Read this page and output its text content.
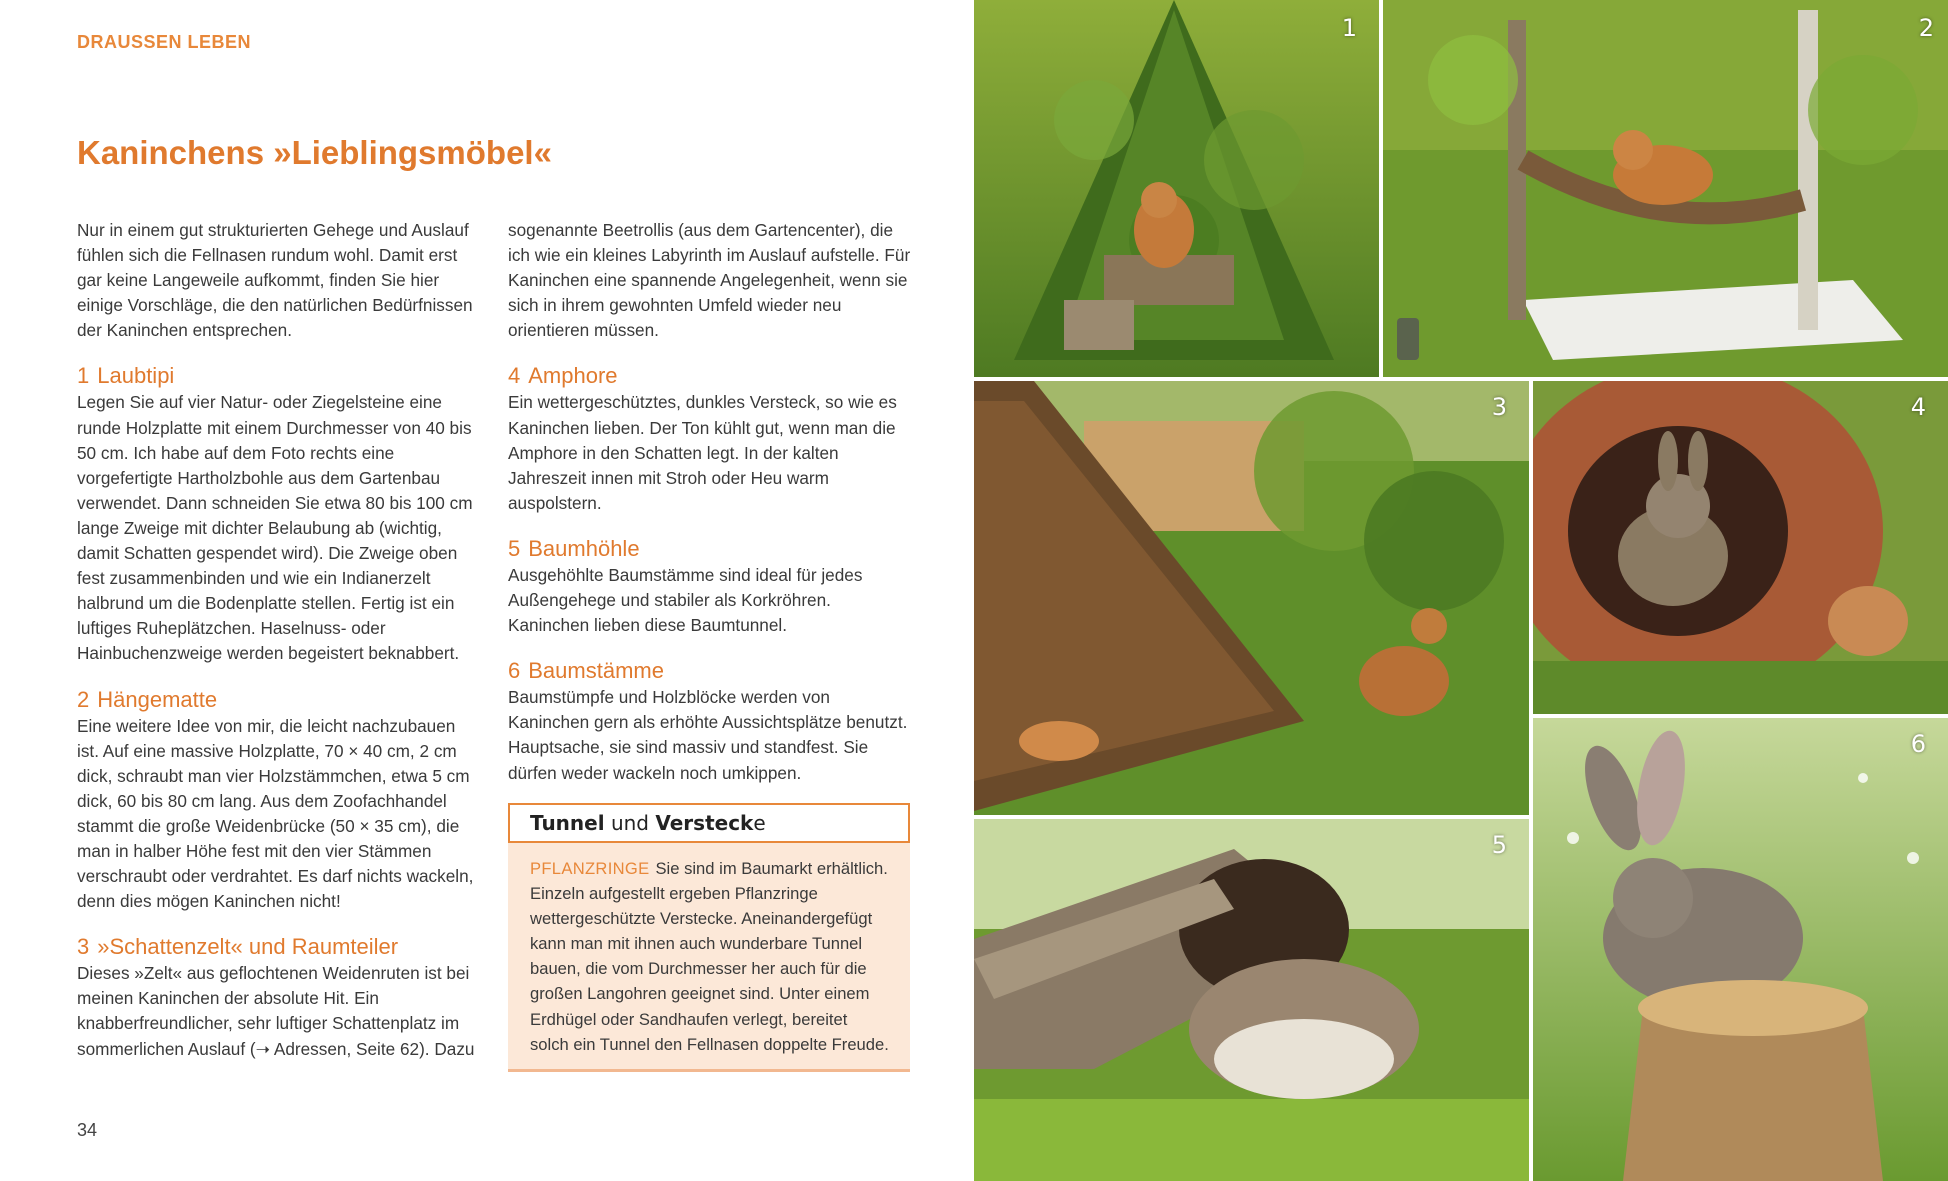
DRAUSSEN LEBEN
Kaninchens »Lieblingsmöbel«

Nur in einem gut strukturierten Gehege und Auslauf fühlen sich die Fellnasen rundum wohl. Damit erst gar keine Langeweile aufkommt, finden Sie hier einige Vorschläge, die den natürlichen Bedürfnissen der Kaninchen entsprechen.

1 Laubtipi

Legen Sie auf vier Natur- oder Ziegelsteine eine runde Holzplatte mit einem Durchmesser von 40 bis 50 cm. Ich habe auf dem Foto rechts eine vorgefertigte Hartholzbohle aus dem Gartenbau verwendet. Dann schneiden Sie etwa 80 bis 100 cm lange Zweige mit dichter Belaubung ab (wichtig, damit Schatten gespendet wird). Die Zweige oben fest zusammenbinden und wie ein Indianerzelt halbrund um die Bodenplatte stellen. Fertig ist ein luftiges Ruheplätzchen. Haselnuss- oder Hainbuchenzweige werden begeistert beknabbert.

2 Hängematte

Eine weitere Idee von mir, die leicht nachzubauen ist. Auf eine massive Holzplatte, 70 × 40 cm, 2 cm dick, schraubt man vier Holzstämmchen, etwa 5 cm dick, 60 bis 80 cm lang. Aus dem Zoofachhandel stammt die große Weidenbrücke (50 × 35 cm), die man in halber Höhe fest mit den vier Stämmen verschraubt oder verdrahtet. Es darf nichts wackeln, denn dies mögen Kaninchen nicht!

3 »Schattenzelt« und Raumteiler

Dieses »Zelt« aus geflochtenen Weidenruten ist bei meinen Kaninchen der absolute Hit. Ein knabberfreundlicher, sehr luftiger Schattenplatz im sommerlichen Auslauf (➝ Adressen, Seite 62). Dazu

sogenannte Beetrollis (aus dem Gartencenter), die ich wie ein kleines Labyrinth im Auslauf aufstelle. Für Kaninchen eine spannende Angelegenheit, wenn sie sich in ihrem gewohnten Umfeld wieder neu orientieren müssen.

4 Amphore

Ein wettergeschütztes, dunkles Versteck, so wie es Kaninchen lieben. Der Ton kühlt gut, wenn man die Amphore in den Schatten legt. In der kalten Jahreszeit innen mit Stroh oder Heu warm auspolstern.

5 Baumhöhle

Ausgehöhlte Baumstämme sind ideal für jedes Außengehege und stabiler als Korkröhren. Kaninchen lieben diese Baumtunnel.

6 Baumstämme

Baumstümpfe und Holzblöcke werden von Kaninchen gern als erhöhte Aussichtsplätze benutzt. Hauptsache, sie sind massiv und standfest. Sie dürfen weder wackeln noch umkippen.

Tunnel und Verstecke
PFLANZRINGE Sie sind im Baumarkt erhältlich. Einzeln aufgestellt ergeben Pflanzringe wettergeschützte Verstecke. Aneinandergefügt kann man mit ihnen auch wunderbare Tunnel bauen, die vom Durchmesser her auch für die großen Langohren geeignet sind. Unter einem Erdhügel oder Sandhaufen verlegt, bereitet solch ein Tunnel den Fellnasen doppelte Freude.
34
1	2
3	4
5
6
